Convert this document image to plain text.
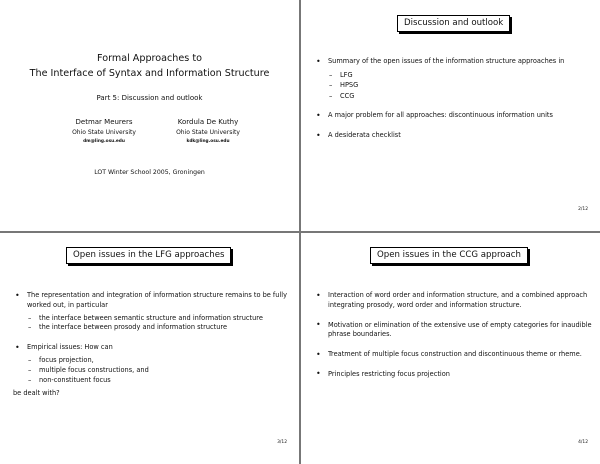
Formal Approaches to
The Interface of Syntax and Information Structure
Part 5: Discussion and outlook
Detmar Meurers
Ohio State University
dm@ling.osu.edu
Kordula De Kuthy
Ohio State University
kdk@ling.osu.edu
LOT Winter School 2005, Groningen
Discussion and outlook
• Summary of the open issues of the information structure approaches in
– LFG
– HPSG
– CCG
• A major problem for all approaches: discontinuous information units
• A desiderata checklist
2/12
Open issues in the LFG approaches
• The representation and integration of information structure remains to be fully worked out, in particular
– the interface between semantic structure and information structure
– the interface between prosody and information structure
• Empirical issues: How can
– focus projection,
– multiple focus constructions, and
– non-constituent focus
be dealt with?
3/12
Open issues in the CCG approach
• Interaction of word order and information structure, and a combined approach integrating prosody, word order and information structure.
• Motivation or elimination of the extensive use of empty categories for inaudible phrase boundaries.
• Treatment of multiple focus construction and discontinuous theme or rheme.
• Principles restricting focus projection
4/12
